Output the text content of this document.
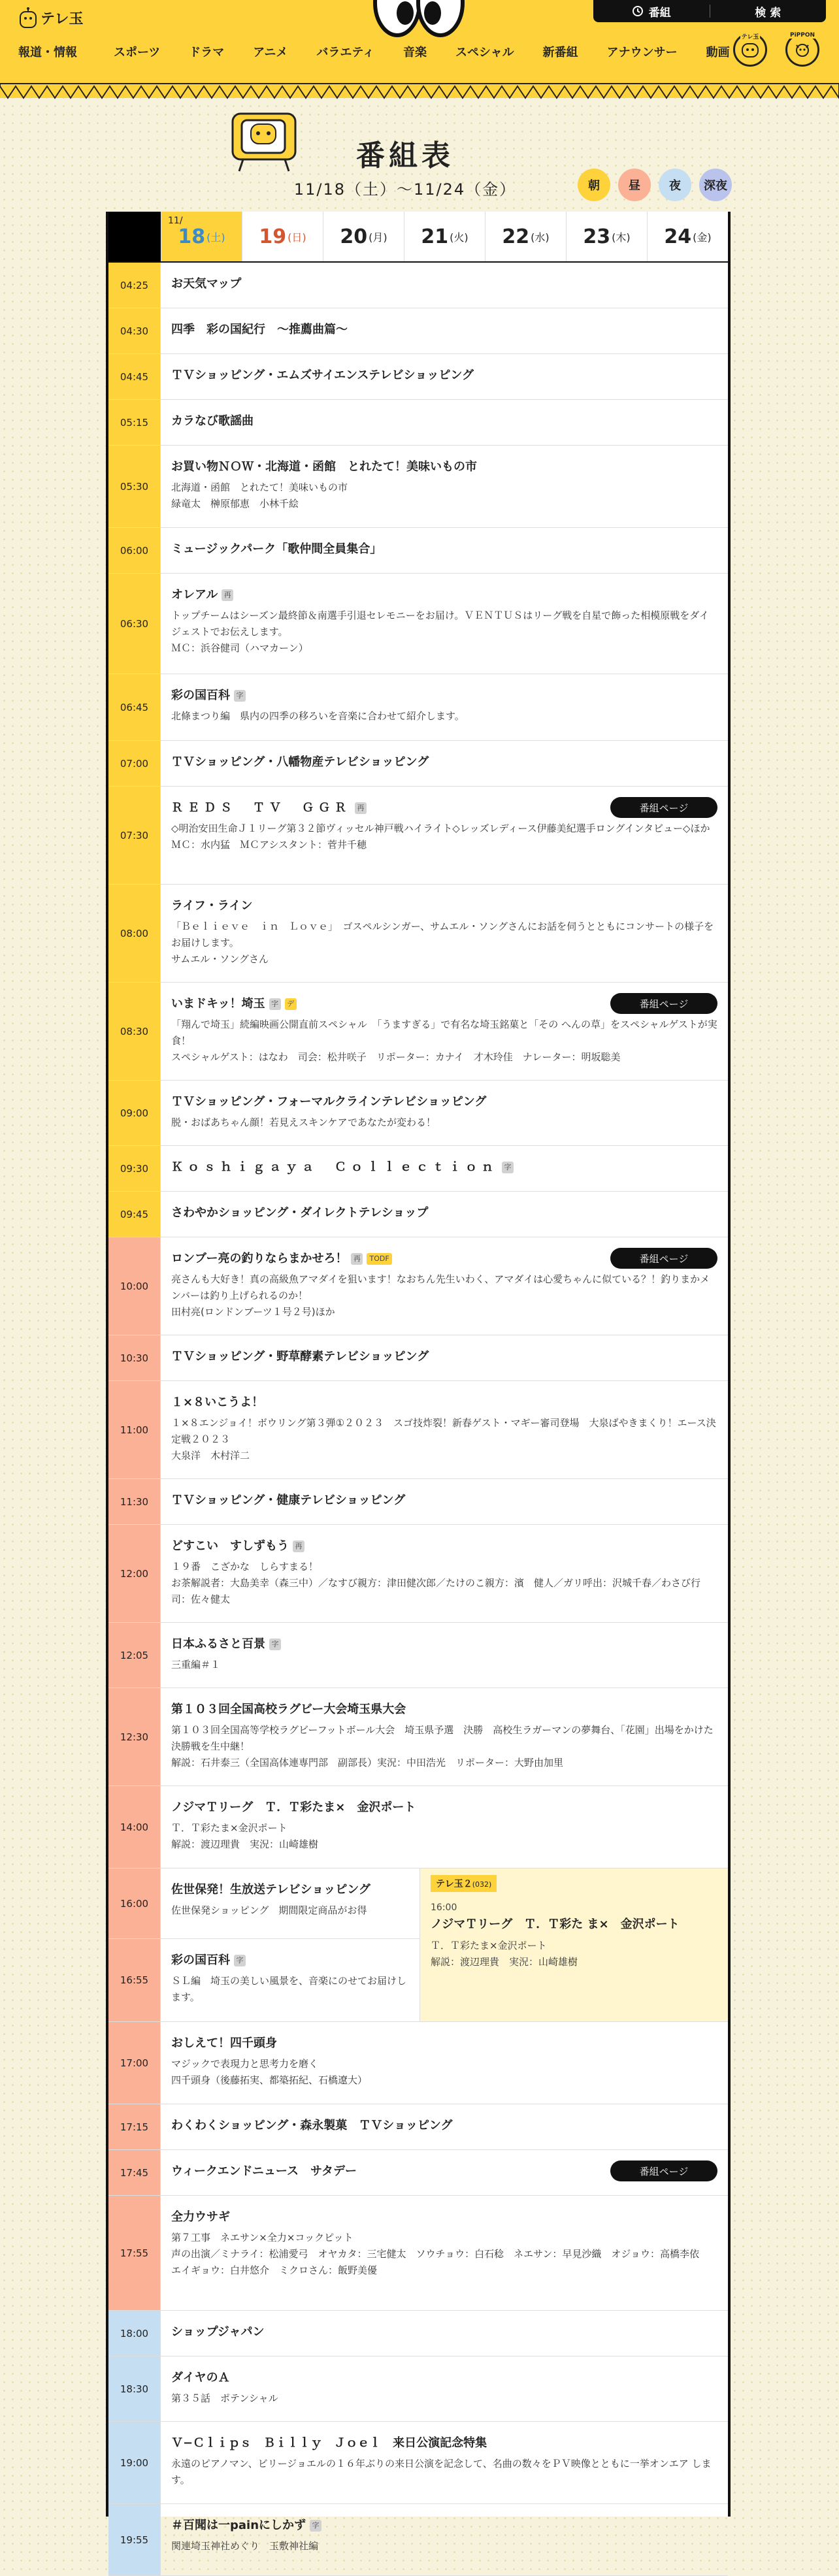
テレ玉	番組	検 索
報道・情報	スポーツ ドラマ アニメ バラエティ 音楽 スペシャル 新番組 アナウンサー 動画
テレ玉	PiPPON
番組表
11/18（土）〜11/24（金）	朝	昼	夜	深夜
11/
18 (土) 19 (日) 20 (月) 21 (火) 22 (水) 23 (木) 24 (金)
04:25	お天気マップ
04:30	四季　彩の国紀行　〜推薦曲篇〜
04:45	ＴＶショッピング・エムズサイエンステレビショッピング
05:15	カラなび歌謡曲
05:30
お買い物ＮＯＷ・北海道・函館　とれたて！美味いもの市
北海道・函館　とれたて！美味いもの市
緑竜太　榊原郁恵　小林千絵
06:00	ミュージックパーク「歌仲間全員集合」
06:30
オレアル 再
トップチームはシーズン最終節＆南選手引退セレモニーをお届け。ＶＥＮＴＵＳはリーグ戦を自星で飾った相模原戦をダイジェストでお伝えします。
ＭＣ：浜谷健司（ハマカーン）
06:45
彩の国百科 字
北條まつり編　県内の四季の移ろいを音楽に合わせて紹介します。
07:00	ＴＶショッピング・八幡物産テレビショッピング
07:30
ＲＥＤＳ　ＴＶ　ＧＧＲ 再	番組ページ
◇明治安田生命Ｊ１リーグ第３２節ヴィッセル神戸戦ハイライト◇レッズレディース伊藤美紀選手ロングインタビュー◇ほか
ＭＣ：水内猛　ＭＣアシスタント：菅井千穂
08:00
ライフ・ライン
「Ｂｅｌｉｅｖｅ　ｉｎ　Ｌｏｖｅ」　ゴスペルシンガー、サムエル・ソングさんにお話を伺うとともにコンサートの様子をお届けします。
サムエル・ソングさん
08:30
いまドキッ！埼玉 字 デ	番組ページ
「翔んで埼玉」続編映画公開直前スペシャル　「うますぎる」で有名な埼玉銘菓と「その へんの草」をスペシャルゲストが実食！
スペシャルゲスト：はなわ　司会：松井咲子　リポーター：カナイ　才木玲佳　ナレーター：明坂聡美
09:00
ＴＶショッピング・フォーマルクラインテレビショッピング
脱・おばあちゃん顔！若見えスキンケアであなたが変わる！
09:30	Ｋｏｓｈｉｇａｙａ　Ｃｏｌｌｅｃｔｉｏｎ 字
09:45	さわやかショッピング・ダイレクトテレショップ
10:00
ロンブー亮の釣りならまかせろ！ 再 TODF	番組ページ
亮さんも大好き！真の高級魚アマダイを狙います！なおちん先生いわく、アマダイは心愛ちゃんに似ている？！釣りまかメンバーは釣り上げられるのか！
田村亮(ロンドンブーツ１号２号)ほか
10:30	ＴＶショッピング・野草酵素テレビショッピング
11:00
１×８いこうよ！
１×８エンジョイ！ボウリング第３弾①２０２３　スゴ技炸裂！新春ゲスト・マギー審司登場　大泉ばやきまくり！エース決定戦２０２３
大泉洋　木村洋二
11:30	ＴＶショッピング・健康テレビショッピング
12:00
どすこい　すしずもう 再
１９番　こざかな　しらすまる！
お茶解説者：大島美幸（森三中）／なすび親方：津田健次郎／たけのこ親方：濱　健人／ガリ呼出：沢城千春／わさび行司：佐々健太
12:05
日本ふるさと百景 字
三重編＃１
12:30
第１０３回全国高校ラグビー大会埼玉県大会
第１０３回全国高等学校ラグビーフットボール大会　埼玉県予選　決勝　高校生ラガーマンの夢舞台、「花園」出場をかけた決勝戦を生中継！
解説：石井泰三（全国高体連専門部　副部長）実況：中田浩光　リポーター：大野由加里
14:00
ノジマＴリーグ　Ｔ．Ｔ彩たま×　金沢ポート
Ｔ．Ｔ彩たま×金沢ポート
解説：渡辺理貴　実況：山崎雄樹
16:00
佐世保発！生放送テレビショッピング
佐世保発ショッピング　期間限定商品がお得
16:55
彩の国百科 字
ＳＬ編　埼玉の美しい風景を、音楽にのせてお届けします。
テレ玉２(032)
16:00
ノジマＴリーグ　Ｔ．Ｔ彩た ま×　金沢ポート
Ｔ．Ｔ彩たま×金沢ポート
解説：渡辺理貴　実況：山崎雄樹
17:00
おしえて！四千頭身
マジックで表現力と思考力を磨く
四千頭身（後藤拓実、都築拓紀、石橋遼大）
17:15	わくわくショッピング・森永製菓　ＴＶショッピング
17:45	ウィークエンドニュース　サタデー	番組ページ
17:55
全力ウサギ
第７工事　ネエサン×全力×コックピット
声の出演／ミナライ：松浦愛弓　オヤカタ：三宅健太　ソウチョウ：白石稔　ネエサン：早見沙織　オジョウ：高橋李依　エイギョウ：白井悠介　ミクロさん：飯野美優
18:00	ショップジャパン
18:30
ダイヤのＡ
第３５話　ポテンシャル
19:00
Ｖ−Ｃｌｉｐｓ　Ｂｉｌｌｙ　Ｊｏｅｌ　来日公演記念特集
永遠のピアノマン、ビリージョエルの１６年ぶりの来日公演を記念して、名曲の数々をＰＶ映像とともに一挙オンエア します。
19:55
＃百聞は一painにしかず 字
関連埼玉神社めぐり　玉敷神社編
